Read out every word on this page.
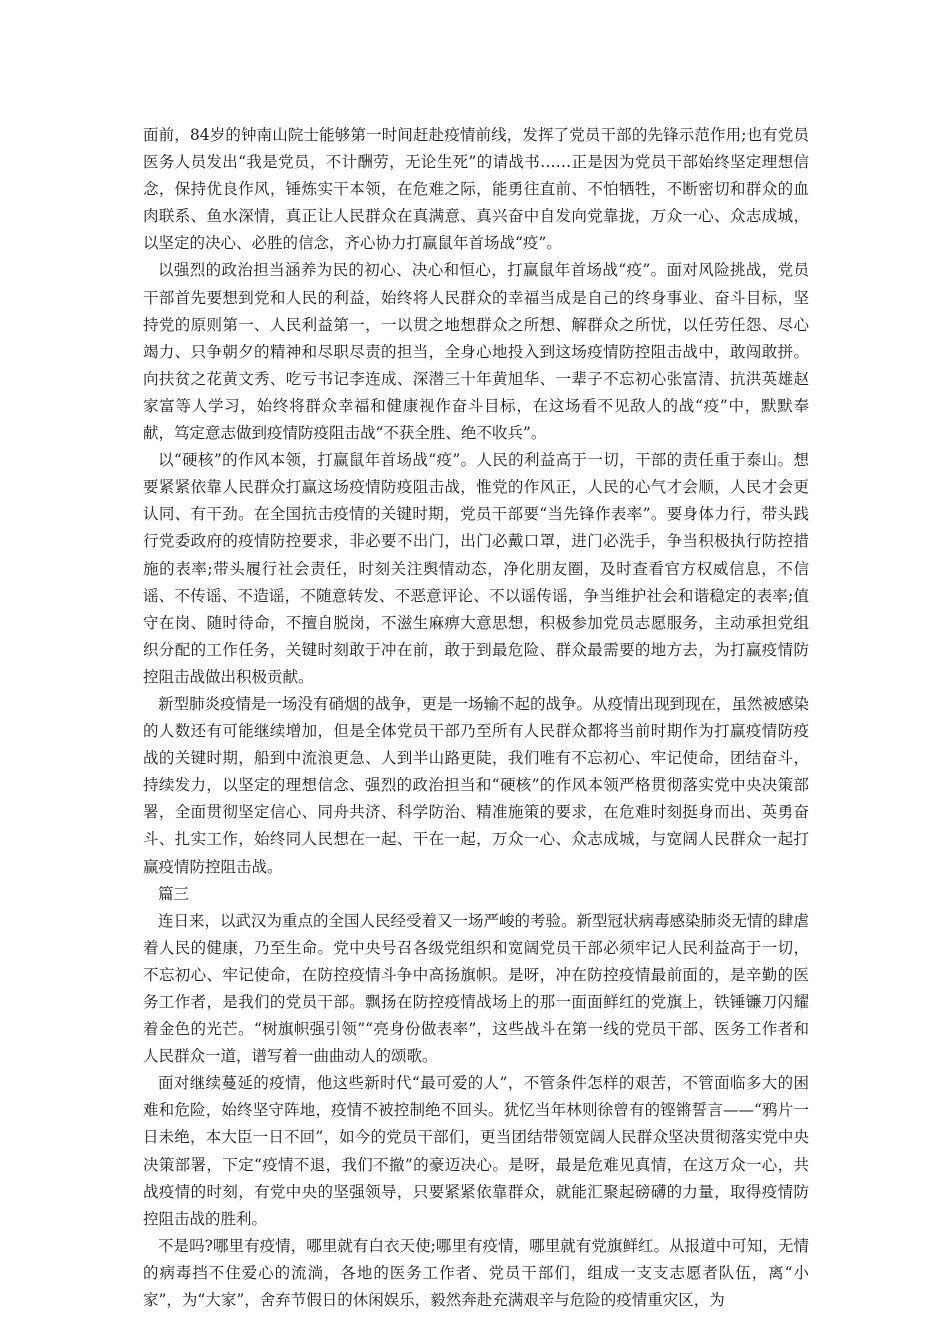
面前，84岁的钟南山院士能够第一时间赶赴疫情前线，发挥了党员干部的先锋示范作用;也有党员医务人员发出“我是党员，不计酬劳，无论生死”的请战书……正是因为党员干部始终坚定理想信念，保持优良作风，锤炼实干本领，在危难之际，能勇往直前、不怕牺牲，不断密切和群众的血肉联系、鱼水深情，真正让人民群众在真满意、真兴奋中自发向党靠拢，万众一心、众志成城，以坚定的决心、必胜的信念，齐心协力打赢鼠年首场战“疫”。

以强烈的政治担当涵养为民的初心、决心和恒心，打赢鼠年首场战“疫”。面对风险挑战，党员干部首先要想到党和人民的利益，始终将人民群众的幸福当成是自己的终身事业、奋斗目标，坚持党的原则第一、人民利益第一，一以贯之地想群众之所想、解群众之所忧，以任劳任怨、尽心竭力、只争朝夕的精神和尽职尽责的担当，全身心地投入到这场疫情防控阻击战中，敢闯敢拼。向扶贫之花黄文秀、吃亏书记李连成、深潜三十年黄旭华、一辈子不忘初心张富清、抗洪英雄赵家富等人学习，始终将群众幸福和健康视作奋斗目标，在这场看不见敌人的战“疫”中，默默奉献，笃定意志做到疫情防疫阻击战“不获全胜、绝不收兵”。

以“硬核”的作风本领，打赢鼠年首场战“疫”。人民的利益高于一切，干部的责任重于泰山。想要紧紧依靠人民群众打赢这场疫情防疫阻击战，惟党的作风正，人民的心气才会顺，人民才会更认同、有干劲。在全国抗击疫情的关键时期，党员干部要“当先锋作表率”。要身体力行，带头践行党委政府的疫情防控要求，非必要不出门，出门必戴口罩，进门必洗手，争当积极执行防控措施的表率;带头履行社会责任，时刻关注舆情动态，净化朋友圈，及时查看官方权威信息，不信谣、不传谣、不造谣，不随意转发、不恶意评论、不以谣传谣，争当维护社会和谐稳定的表率;值守在岗、随时待命，不擅自脱岗，不滋生麻痹大意思想，积极参加党员志愿服务，主动承担党组织分配的工作任务，关键时刻敢于冲在前，敢于到最危险、群众最需要的地方去，为打赢疫情防控阻击战做出积极贡献。

新型肺炎疫情是一场没有硝烟的战争，更是一场输不起的战争。从疫情出现到现在，虽然被感染的人数还有可能继续增加，但是全体党员干部乃至所有人民群众都将当前时期作为打赢疫情防疫战的关键时期，船到中流浪更急、人到半山路更陡，我们唯有不忘初心、牢记使命，团结奋斗，持续发力，以坚定的理想信念、强烈的政治担当和“硬核”的作风本领严格贯彻落实党中央决策部署，全面贯彻坚定信心、同舟共济、科学防治、精准施策的要求，在危难时刻挺身而出、英勇奋斗、扎实工作，始终同人民想在一起、干在一起，万众一心、众志成城，与宽阔人民群众一起打赢疫情防控阻击战。

篇三

连日来，以武汉为重点的全国人民经受着又一场严峻的考验。新型冠状病毒感染肺炎无情的肆虐着人民的健康，乃至生命。党中央号召各级党组织和宽阔党员干部必须牢记人民利益高于一切，不忘初心、牢记使命，在防控疫情斗争中高扬旗帜。是呀，冲在防控疫情最前面的，是辛勤的医务工作者，是我们的党员干部。飘扬在防控疫情战场上的那一面面鲜红的党旗上，铁锤镰刀闪耀着金色的光芒。“树旗帜强引领”“亮身份做表率”，这些战斗在第一线的党员干部、医务工作者和人民群众一道，谱写着一曲曲动人的颂歌。

面对继续蔓延的疫情，他这些新时代“最可爱的人”，不管条件怎样的艰苦，不管面临多大的困难和危险，始终坚守阵地，疫情不被控制绝不回头。犹忆当年林则徐曾有的铿锵誓言——“鸦片一日未绝，本大臣一日不回”，如今的党员干部们，更当团结带领宽阔人民群众坚决贯彻落实党中央决策部署，下定“疫情不退，我们不撤”的豪迈决心。是呀，最是危难见真情，在这万众一心，共战疫情的时刻，有党中央的坚强领导，只要紧紧依靠群众，就能汇聚起磅礴的力量，取得疫情防控阻击战的胜利。

不是吗?哪里有疫情，哪里就有白衣天使;哪里有疫情，哪里就有党旗鲜红。从报道中可知，无情的病毒挡不住爱心的流淌，各地的医务工作者、党员干部们，组成一支支志愿者队伍，离“小家”，为“大家”，舍弃节假日的休闲娱乐，毅然奔赴充满艰辛与危险的疫情重灾区，为
